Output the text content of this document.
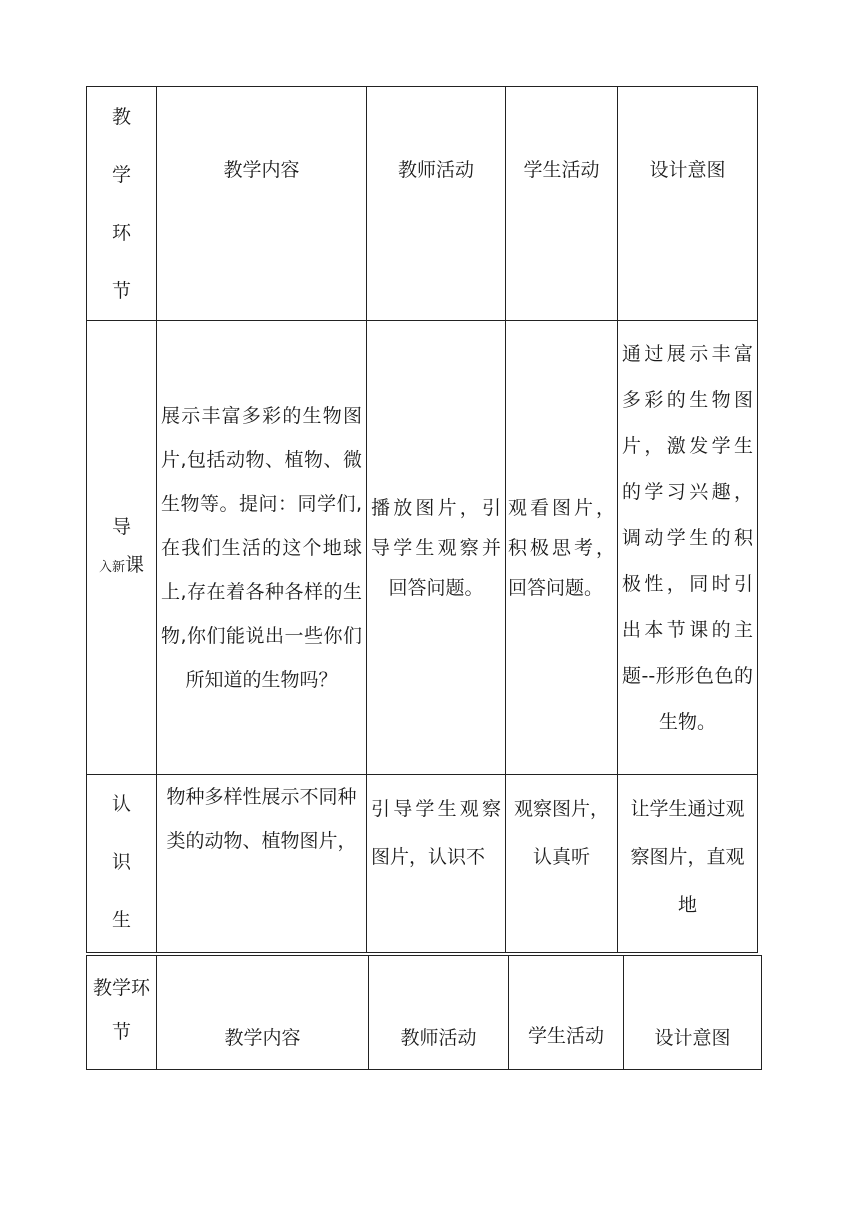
教
学
环
节	教学内容	教师活动	学生活动	设计意图

导
入新课	展示丰富多彩的生物图片,包括动物、植物、微生物等。提问：同学们,在我们生活的这个地球上,存在着各种各样的生物,你们能说出一些你们所知道的生物吗？	播放图片，引导学生观察并回答问题。	观看图片，积极思考，回答问题。	通过展示丰富多彩的生物图片，激发学生的学习兴趣，调动学生的积极性，同时引出本节课的主题--形形色色的生物。

认
识
生	物种多样性展示不同种类的动物、植物图片，	引导学生观察图片，认识不	观察图片，认真听	让学生通过观察图片，直观地
教学环节	教学内容	教师活动	学生活动	设计意图
